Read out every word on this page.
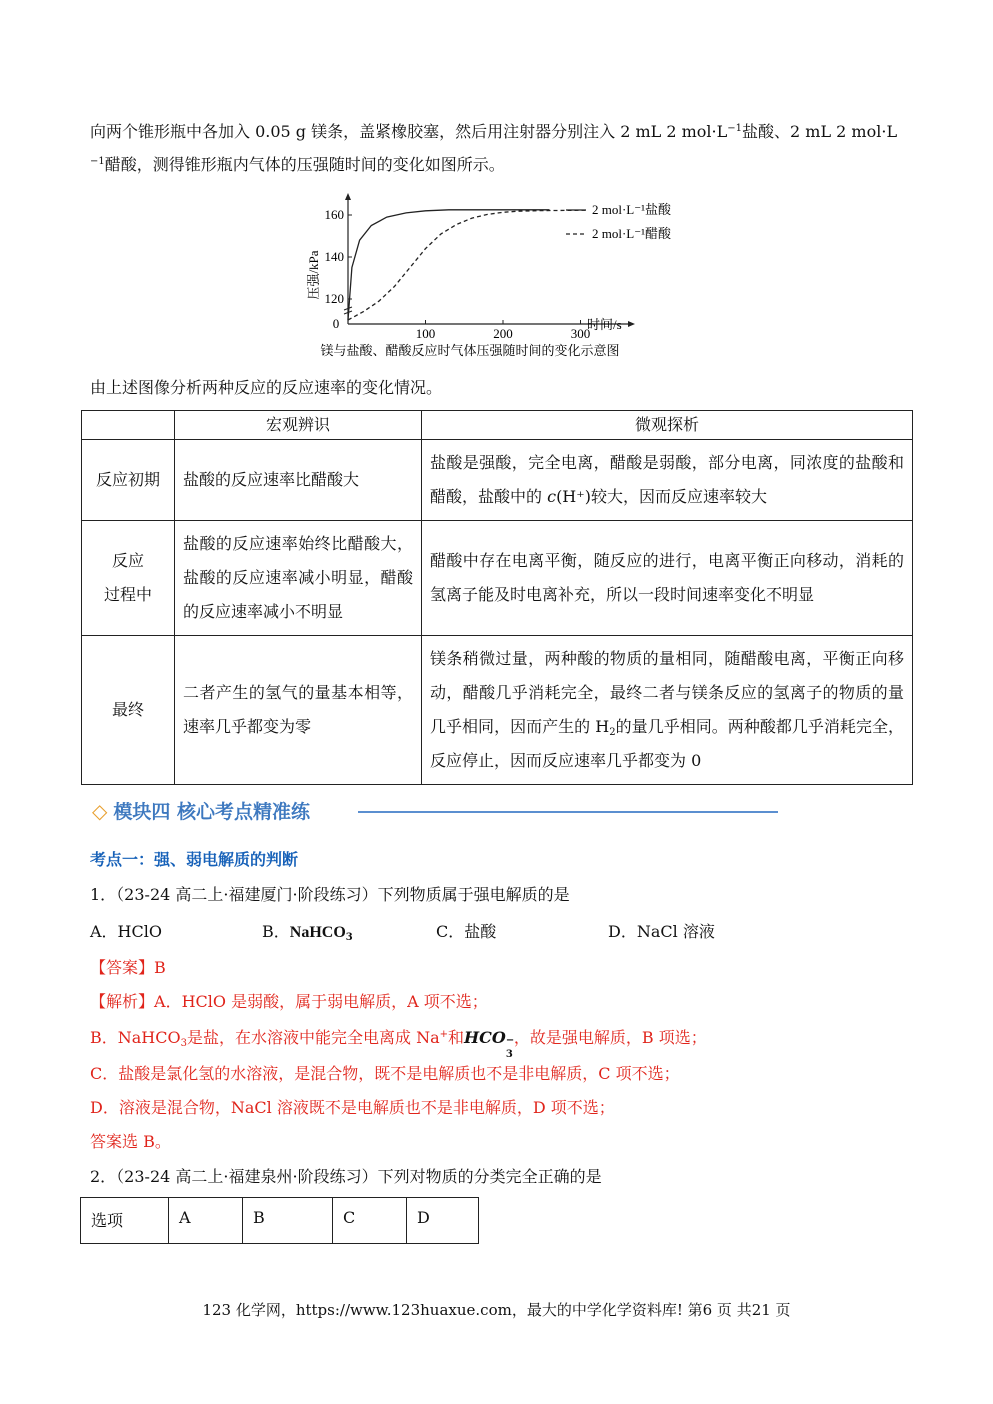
向两个锥形瓶中各加入 0.05 g 镁条，盖紧橡胶塞，然后用注射器分别注入 2 mL 2 $mol\cdot L^{-1}$盐酸、2 mL 2 mol·L
$^{-1}$醋酸，测得锥形瓶内气体的压强随时间的变化如图所示。
0
100	200	300
120
140
160	2 mol·L⁻¹盐酸
2 mol·L⁻¹醋酸
压强/kPa
时间/s
镁与盐酸、醋酸反应时气体压强随时间的变化示意图
由上述图像分析两种反应的反应速率的变化情况。
	宏观辨识	微观探析
反应初期	盐酸的反应速率比醋酸大	盐酸是强酸，完全电离，醋酸是弱酸，部分电离，同浓度的盐酸和醋酸，盐酸中的 c(H⁺)较大，因而反应速率较大
反应
过程中	盐酸的反应速率始终比醋酸大，盐酸的反应速率减小明显，醋酸的反应速率减小不明显	醋酸中存在电离平衡，随反应的进行，电离平衡正向移动，消耗的氢离子能及时电离补充，所以一段时间速率变化不明显
最终	二者产生的氢气的量基本相等，速率几乎都变为零	镁条稍微过量，两种酸的物质的量相同，随醋酸电离，平衡正向移动，醋酸几乎消耗完全，最终二者与镁条反应的氢离子的物质的量几乎相同，因而产生的 $H_2$的量几乎相同。两种酸都几乎消耗完全，反应停止，因而反应速率几乎都变为 0
◇ 模块四 核心考点精准练
考点一：强、弱电解质的判断
1．（23-24 高二上·福建厦门·阶段练习）下列物质属于强电解质的是
A．HClO	B．NaHCO$_3$	C．盐酸	D．NaCl 溶液
【答案】B
【解析】A．HClO 是弱酸，属于弱电解质，A 项不选；
B．NaHCO$_3$是盐，在水溶液中能完全电离成 Na+和HCO −
3
，故是强电解质，B 项选；
C．盐酸是氯化氢的水溶液，是混合物，既不是电解质也不是非电解质，C 项不选；
D．溶液是混合物，NaCl 溶液既不是电解质也不是非电解质，D 项不选；
答案选 B。
2．（23-24 高二上·福建泉州·阶段练习）下列对物质的分类完全正确的是
选项	A	B	C	D
123 化学网，https://www.123huaxue.com，最大的中学化学资料库! 第6 页 共21 页
